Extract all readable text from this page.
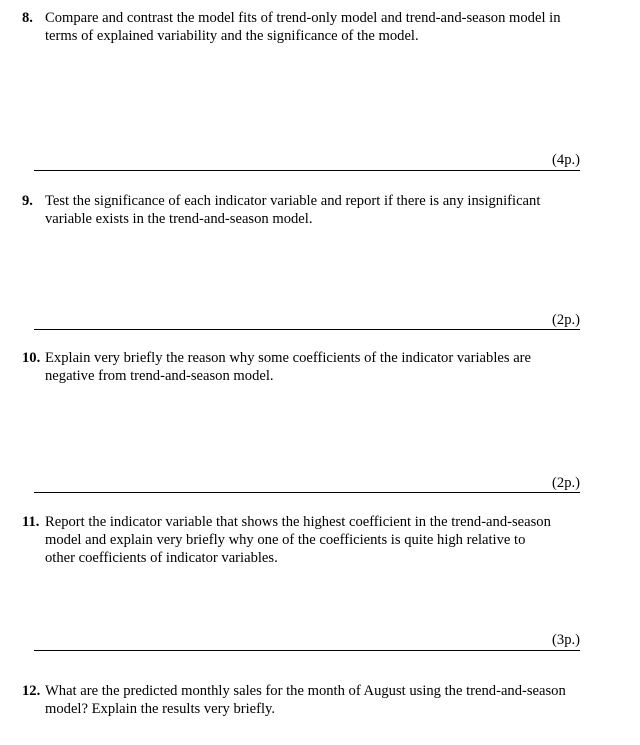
8. Compare and contrast the model fits of trend-only model and trend-and-season model in terms of explained variability and the significance of the model.
(4p.)
9. Test the significance of each indicator variable and report if there is any insignificant variable exists in the trend-and-season model.
(2p.)
10. Explain very briefly the reason why some coefficients of the indicator variables are negative from trend-and-season model.
(2p.)
11. Report the indicator variable that shows the highest coefficient in the trend-and-season model and explain very briefly why one of the coefficients is quite high relative to other coefficients of indicator variables.
(3p.)
12. What are the predicted monthly sales for the month of August using the trend-and-season model? Explain the results very briefly.
